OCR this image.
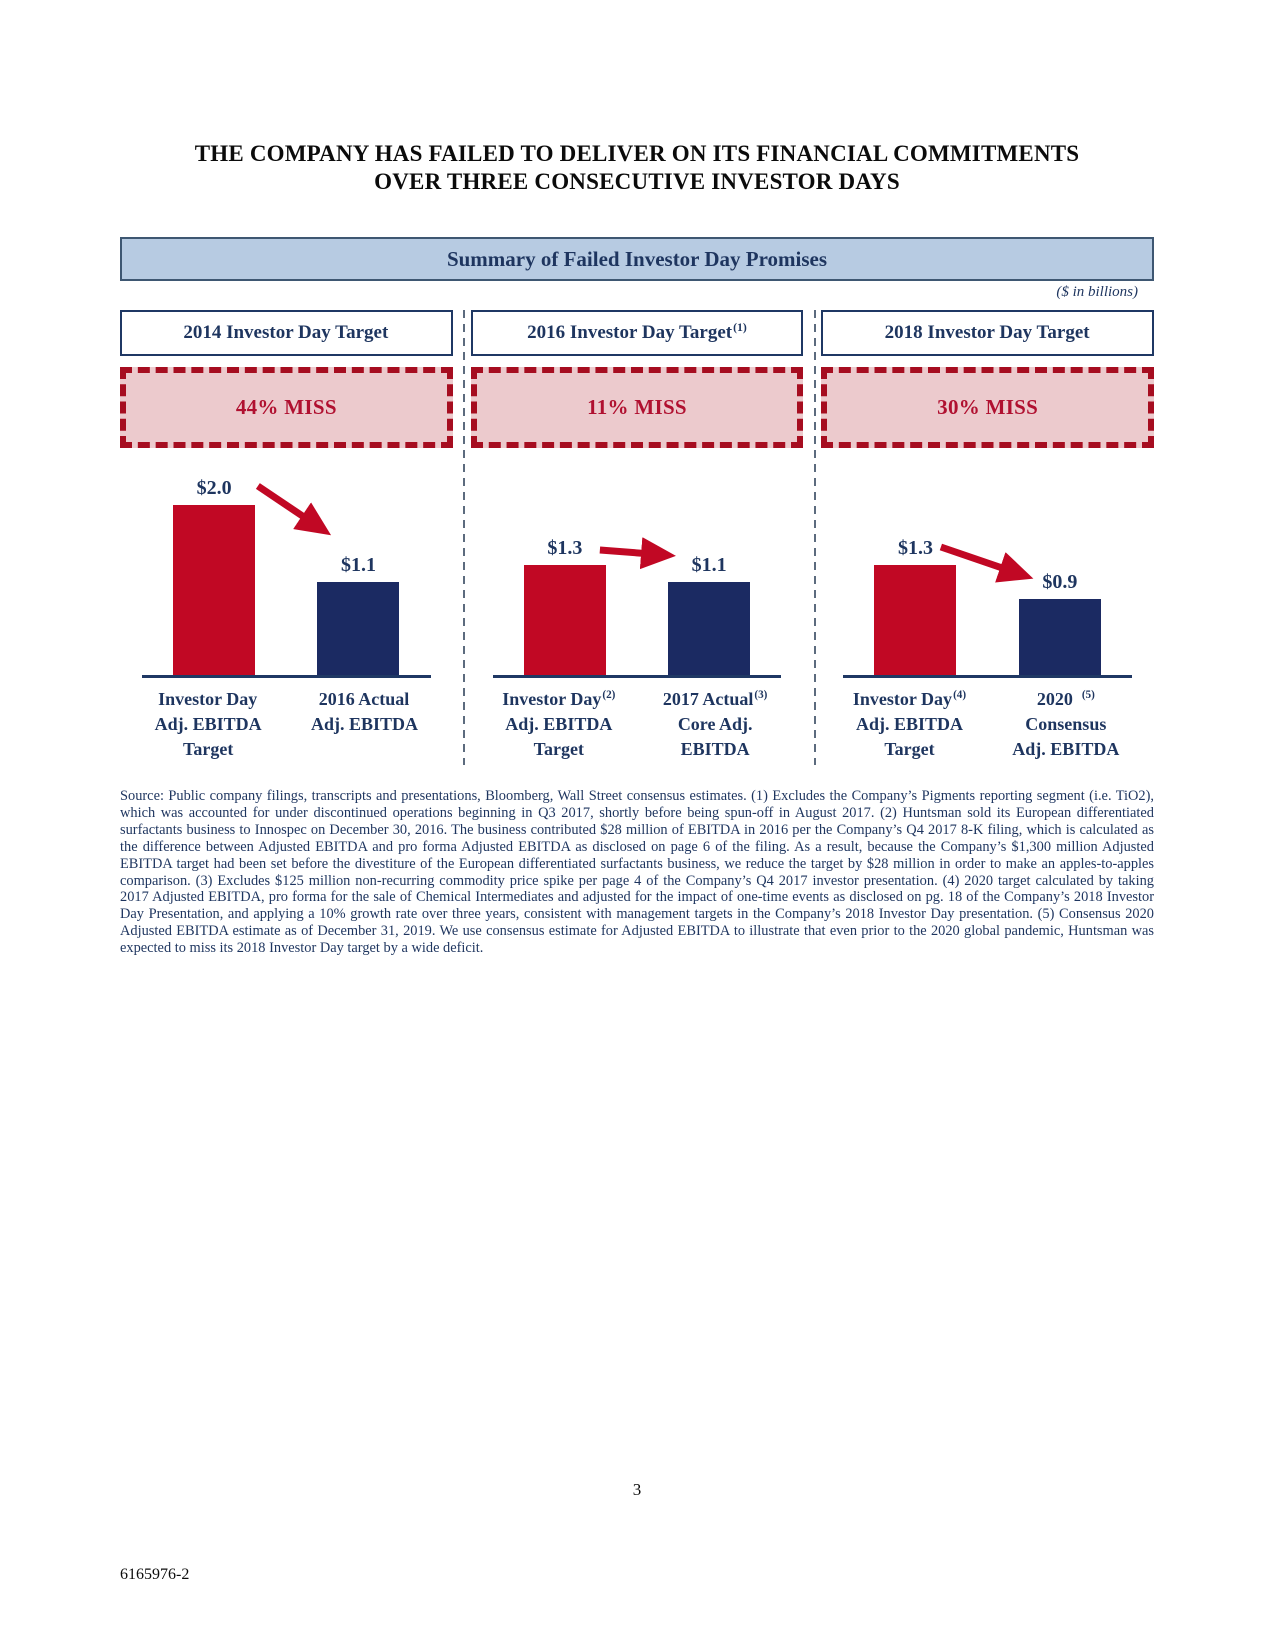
THE COMPANY HAS FAILED TO DELIVER ON ITS FINANCIAL COMMITMENTS
OVER THREE CONSECUTIVE INVESTOR DAYS
Summary of Failed Investor Day Promises
($ in billions)
2014 Investor Day Target
44% MISS
$2.0
$1.1
Investor Day
Adj. EBITDA
Target
2016 Actual
Adj. EBITDA
2016 Investor Day Target$^{(1)}$
11% MISS
$1.3
$1.1
Investor Day$^{(2)}$
Adj. EBITDA
Target
2017 Actual$^{(3)}$
Core Adj.
EBITDA
2018 Investor Day Target
30% MISS
$1.3
$0.9
Investor Day$^{(4)}$
Adj. EBITDA
Target
2020 $^{(5)}$
Consensus
Adj. EBITDA
Source: Public company filings, transcripts and presentations, Bloomberg, Wall Street consensus estimates. (1) Excludes the Company’s Pigments reporting segment (i.e. TiO2), which was accounted for under discontinued operations beginning in Q3 2017, shortly before being spun-off in August 2017. (2) Huntsman sold its European differentiated surfactants business to Innospec on December 30, 2016. The business contributed $28 million of EBITDA in 2016 per the Company’s Q4 2017 8-K filing, which is calculated as the difference between Adjusted EBITDA and pro forma Adjusted EBITDA as disclosed on page 6 of the filing. As a result, because the Company’s $1,300 million Adjusted EBITDA target had been set before the divestiture of the European differentiated surfactants business, we reduce the target by $28 million in order to make an apples-to-apples comparison. (3) Excludes $125 million non-recurring commodity price spike per page 4 of the Company’s Q4 2017 investor presentation. (4) 2020 target calculated by taking 2017 Adjusted EBITDA, pro forma for the sale of Chemical Intermediates and adjusted for the impact of one-time events as disclosed on pg. 18 of the Company’s 2018 Investor Day Presentation, and applying a 10% growth rate over three years, consistent with management targets in the Company’s 2018 Investor Day presentation. (5) Consensus 2020 Adjusted EBITDA estimate as of December 31, 2019. We use consensus estimate for Adjusted EBITDA to illustrate that even prior to the 2020 global pandemic, Huntsman was expected to miss its 2018 Investor Day target by a wide deficit.
3
6165976-2
